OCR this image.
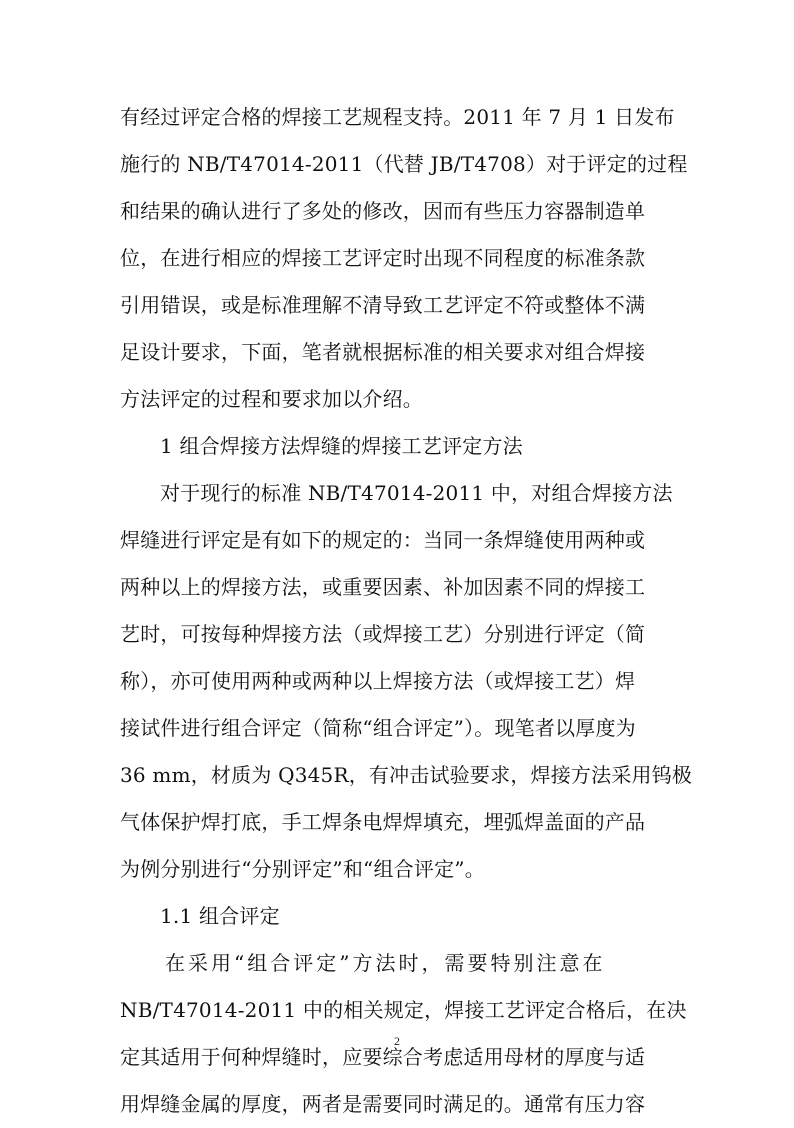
有经过评定合格的焊接工艺规程支持。2011 年 7 月 1 日发布
施行的 NB/T47014-2011（代替 JB/T4708）对于评定的过程
和结果的确认进行了多处的修改，因而有些压力容器制造单
位，在进行相应的焊接工艺评定时出现不同程度的标准条款
引用错误，或是标准理解不清导致工艺评定不符或整体不满
足设计要求，下面，笔者就根据标准的相关要求对组合焊接
方法评定的过程和要求加以介绍。
1 组合焊接方法焊缝的焊接工艺评定方法
对于现行的标准 NB/T47014-2011 中，对组合焊接方法
焊缝进行评定是有如下的规定的：当同一条焊缝使用两种或
两种以上的焊接方法，或重要因素、补加因素不同的焊接工
艺时，可按每种焊接方法（或焊接工艺）分别进行评定（简
称），亦可使用两种或两种以上焊接方法（或焊接工艺）焊
接试件进行组合评定（简称“组合评定”）。现笔者以厚度为
36 mm，材质为 Q345R，有冲击试验要求，焊接方法采用钨极
气体保护焊打底，手工焊条电焊焊填充，埋弧焊盖面的产品
为例分别进行“分别评定”和“组合评定”。
1.1 组合评定
在采用“组合评定”方法时，需要特别注意在
NB/T47014-2011 中的相关规定，焊接工艺评定合格后，在决
定其适用于何种焊缝时，应要综合考虑适用母材的厚度与适
用焊缝金属的厚度，两者是需要同时满足的。通常有压力容
2
